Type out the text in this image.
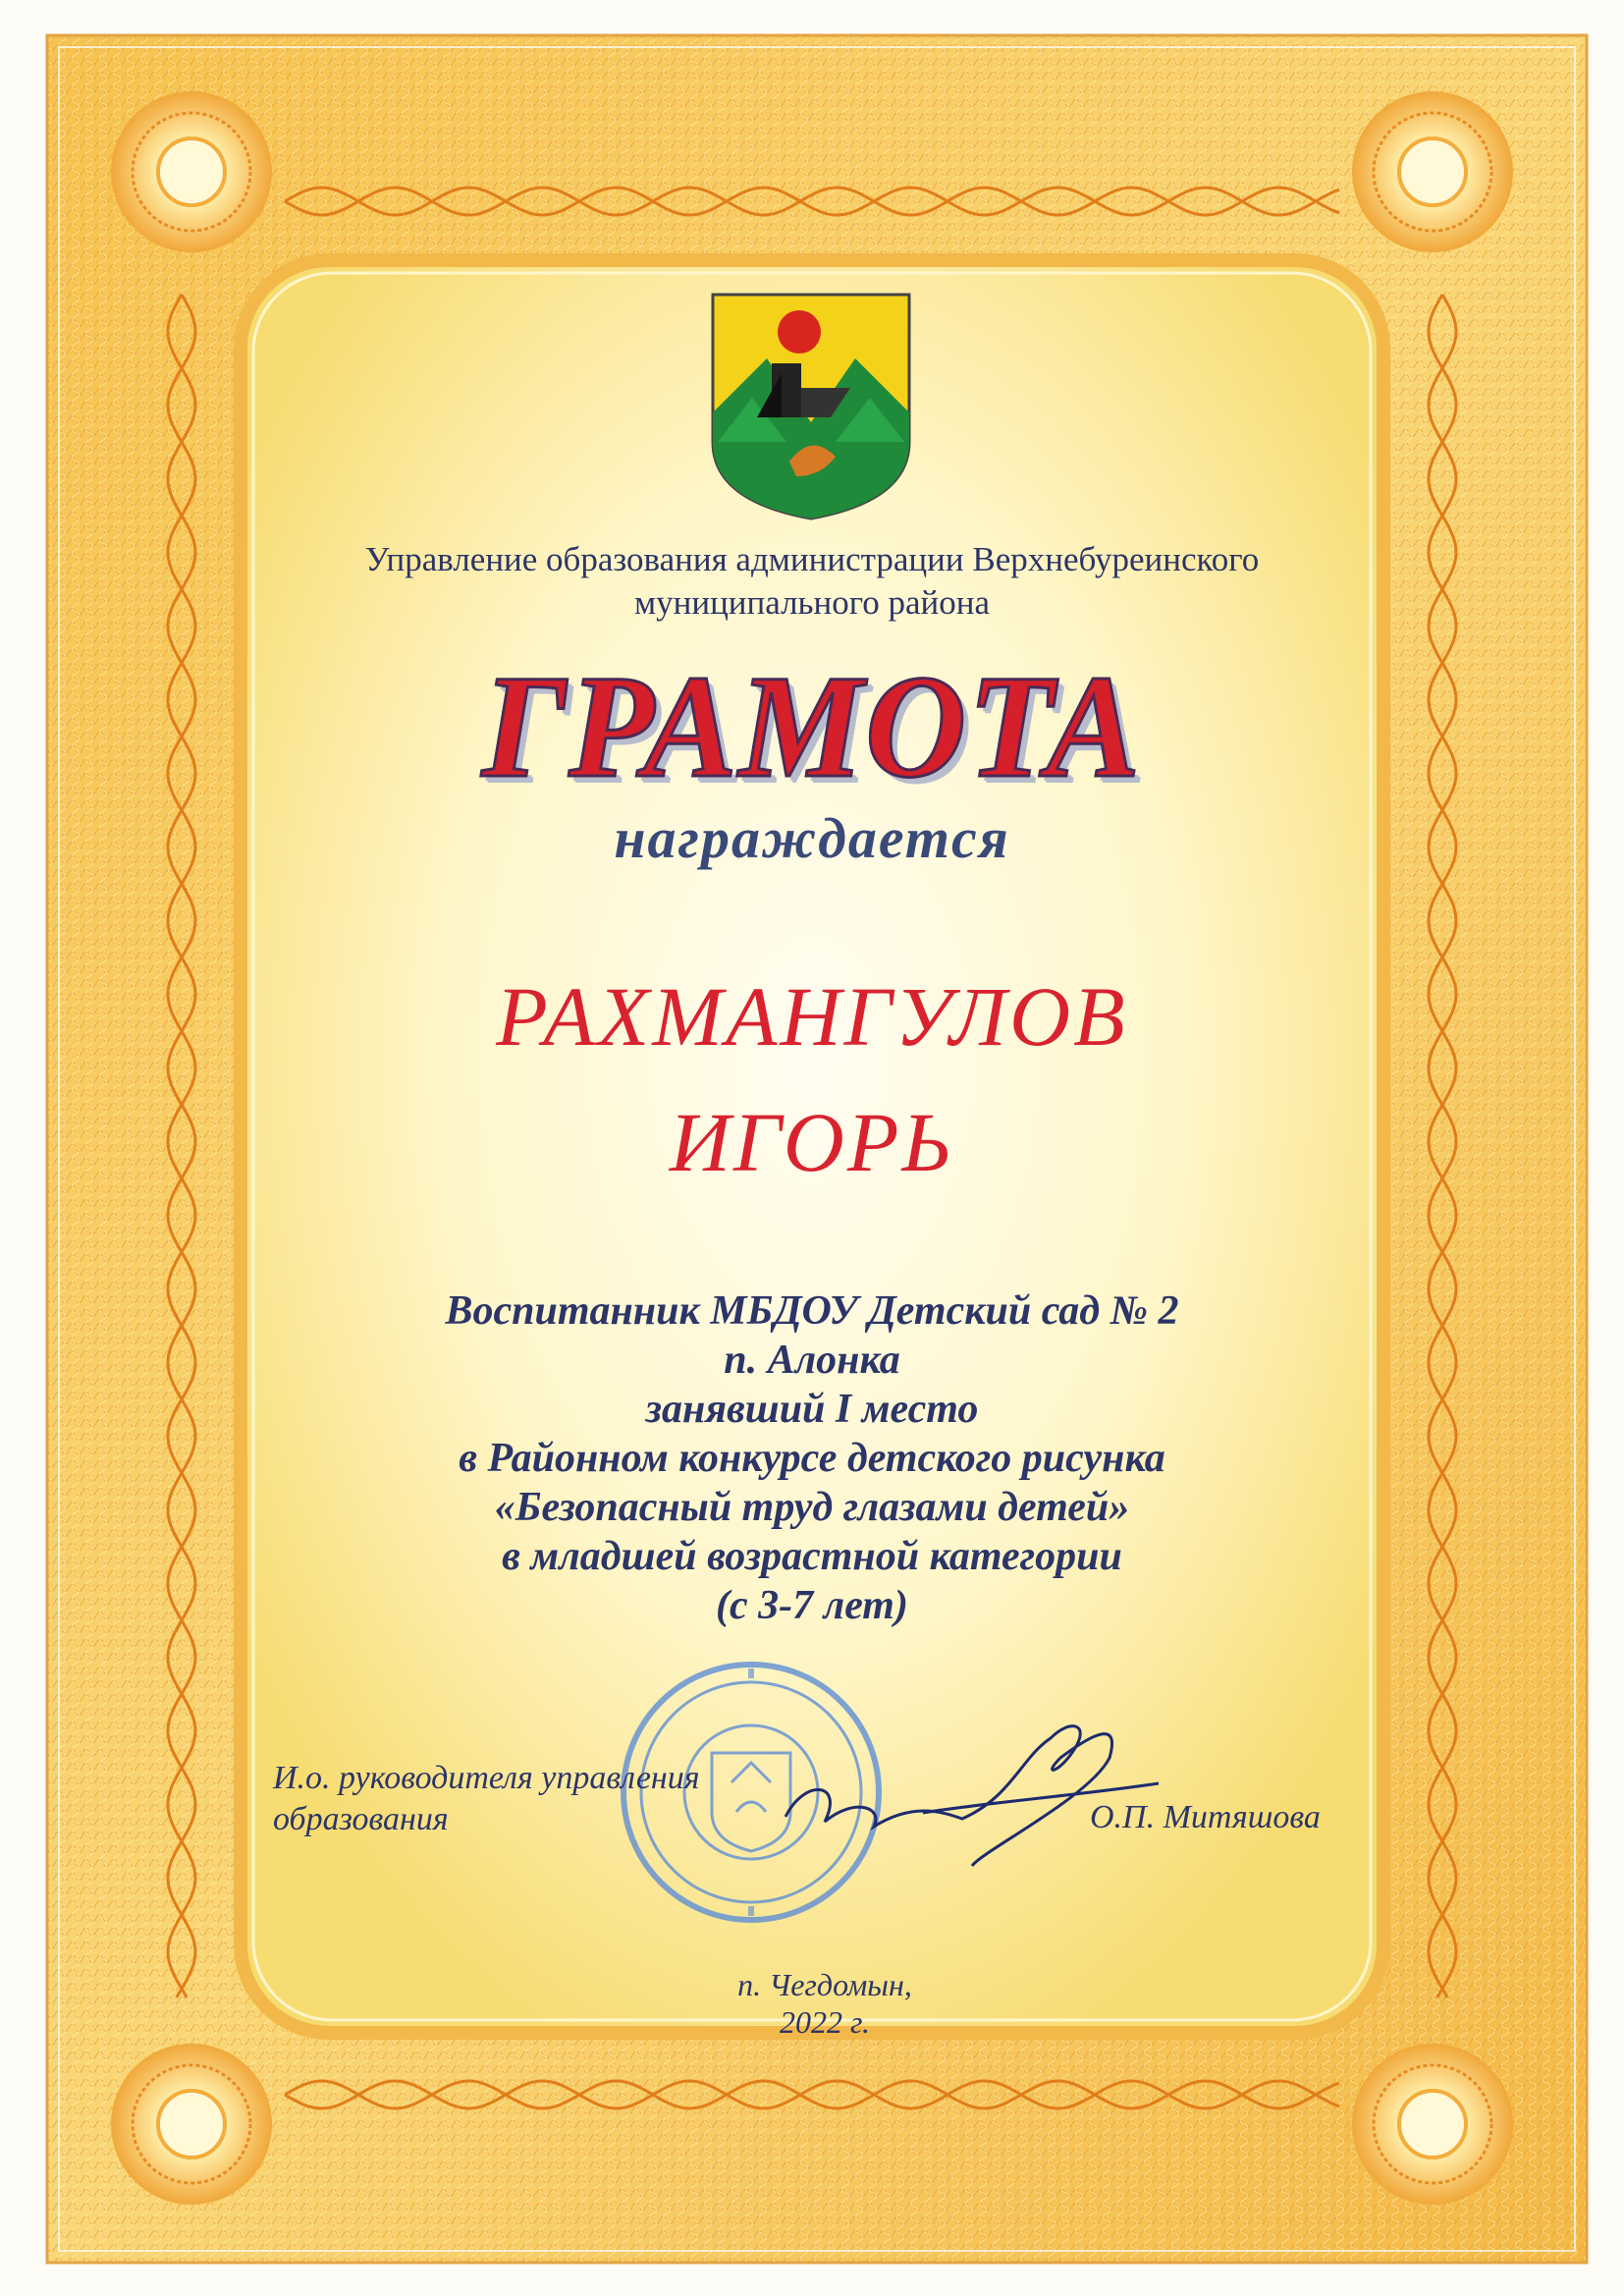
Управление образования администрации Верхнебуреинского
муниципального района
ГРАМОТА
награждается
РАХМАНГУЛОВ
ИГОРЬ
Воспитанник МБДОУ Детский сад № 2
п. Алонка
занявший I место
в Районном конкурсе детского рисунка
«Безопасный труд глазами детей»
в младшей возрастной категории
(с 3-7 лет)
И.о. руководителя управления
образования	О.П. Митяшова
п. Чегдомын,
2022 г.
